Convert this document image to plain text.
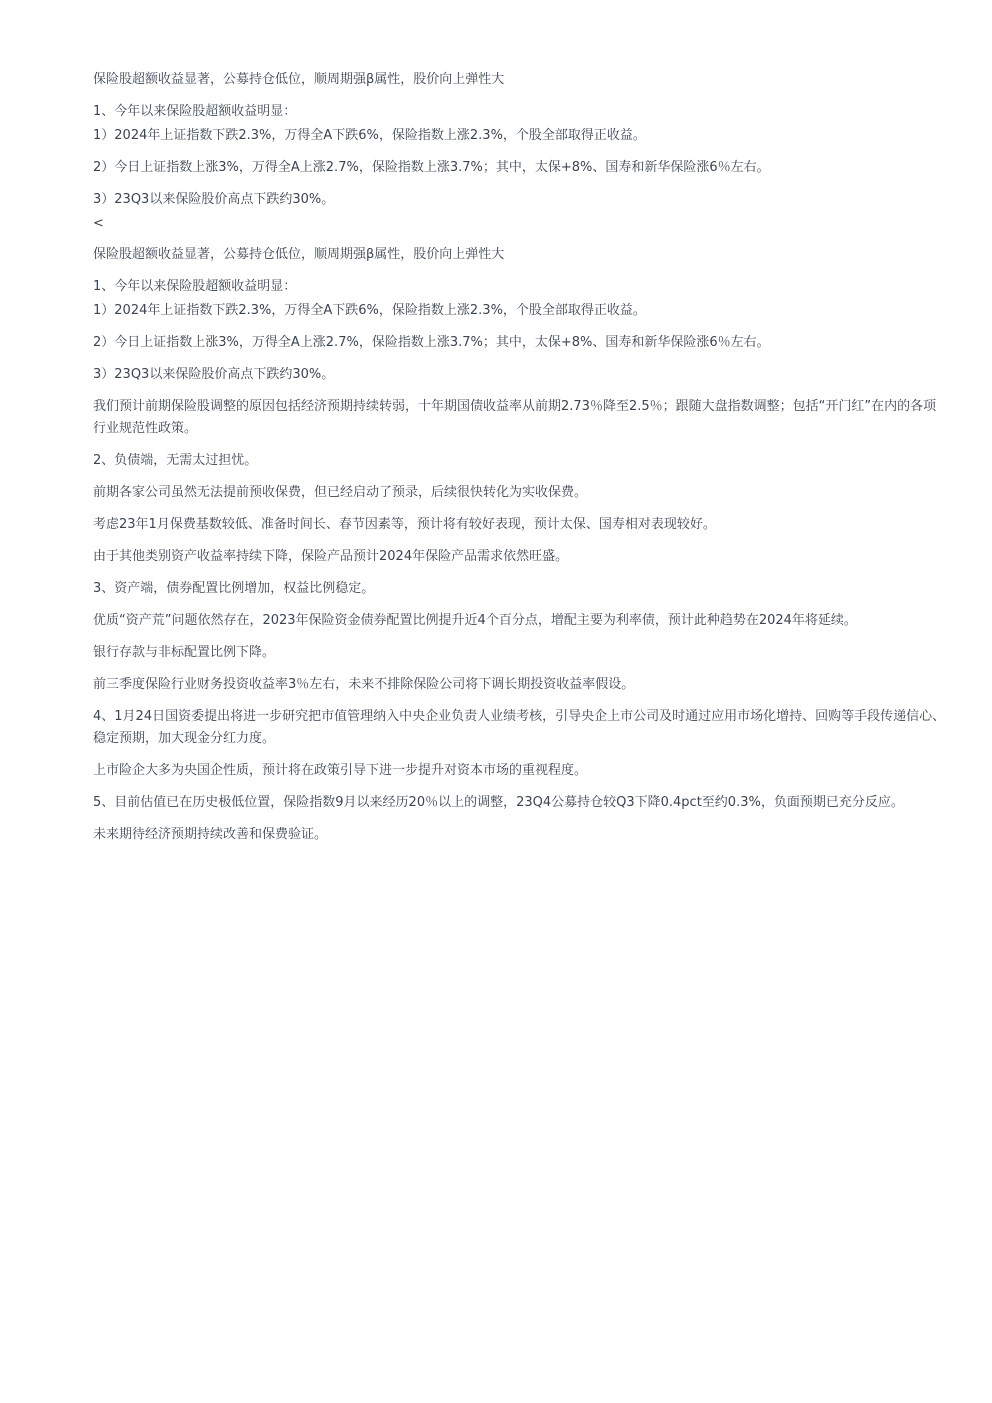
保险股超额收益显著，公募持仓低位，顺周期强β属性，股价向上弹性大

1、今年以来保险股超额收益明显：

1）2024年上证指数下跌2.3%，万得全A下跌6%，保险指数上涨2.3%，个股全部取得正收益。

2）今日上证指数上涨3%，万得全A上涨2.7%，保险指数上涨3.7%；其中，太保+8%、国寿和新华保险涨6％左右。

3）23Q3以来保险股价高点下跌约30%。

<

保险股超额收益显著，公募持仓低位，顺周期强β属性，股价向上弹性大

1、今年以来保险股超额收益明显：

1）2024年上证指数下跌2.3%，万得全A下跌6%，保险指数上涨2.3%，个股全部取得正收益。

2）今日上证指数上涨3%，万得全A上涨2.7%，保险指数上涨3.7%；其中，太保+8%、国寿和新华保险涨6％左右。

3）23Q3以来保险股价高点下跌约30%。

我们预计前期保险股调整的原因包括经济预期持续转弱，十年期国债收益率从前期2.73％降至2.5％；跟随大盘指数调整；包括“开门红”在内的各项行业规范性政策。

2、负债端，无需太过担忧。

前期各家公司虽然无法提前预收保费，但已经启动了预录，后续很快转化为实收保费。

考虑23年1月保费基数较低、准备时间长、春节因素等，预计将有较好表现，预计太保、国寿相对表现较好。

由于其他类别资产收益率持续下降，保险产品预计2024年保险产品需求依然旺盛。

3、资产端，债券配置比例增加，权益比例稳定。

优质“资产荒”问题依然存在，2023年保险资金债券配置比例提升近4个百分点，增配主要为利率债，预计此种趋势在2024年将延续。

银行存款与非标配置比例下降。

前三季度保险行业财务投资收益率3％左右，未来不排除保险公司将下调长期投资收益率假设。

4、1月24日国资委提出将进一步研究把市值管理纳入中央企业负责人业绩考核，引导央企上市公司及时通过应用市场化增持、回购等手段传递信心、稳定预期，加大现金分红力度。

上市险企大多为央国企性质，预计将在政策引导下进一步提升对资本市场的重视程度。

5、目前估值已在历史极低位置，保险指数9月以来经历20％以上的调整，23Q4公募持仓较Q3下降0.4pct至约0.3%，负面预期已充分反应。

未来期待经济预期持续改善和保费验证。
